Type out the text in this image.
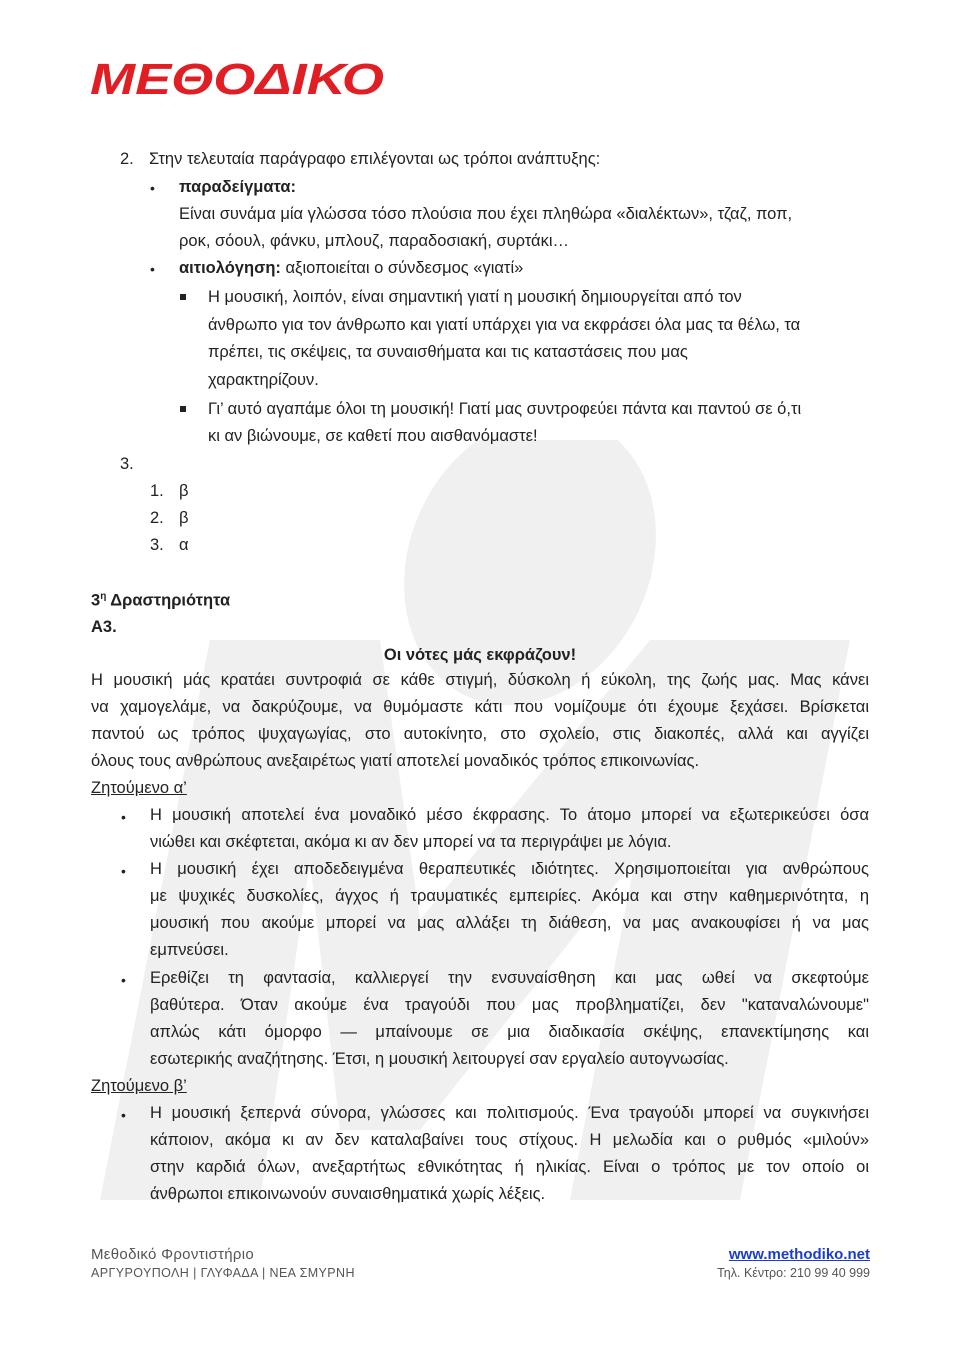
ΜΕΘΟΔΙΚΟ
2. Στην τελευταία παράγραφο επιλέγονται ως τρόποι ανάπτυξης:
• παραδείγματα:
Είναι συνάμα μία γλώσσα τόσο πλούσια που έχει πληθώρα «διαλέκτων», τζαζ, ποπ,
ροκ, σόουλ, φάνκυ, μπλουζ, παραδοσιακή, συρτάκι…
• αιτιολόγηση: αξιοποιείται ο σύνδεσμος «γιατί»
Η μουσική, λοιπόν, είναι σημαντική γιατί η μουσική δημιουργείται από τον
άνθρωπο για τον άνθρωπο και γιατί υπάρχει για να εκφράσει όλα μας τα θέλω, τα
πρέπει, τις σκέψεις, τα συναισθήματα και τις καταστάσεις που μας
χαρακτηρίζουν.
Γι’ αυτό αγαπάμε όλοι τη μουσική! Γιατί μας συντροφεύει πάντα και παντού σε ό,τι
κι αν βιώνουμε, σε καθετί που αισθανόμαστε!
3.
1. β
2. β
3. α
$3^\eta$ Δραστηριότητα
Α3.
Οι νότες μάς εκφράζουν!
Η μουσική μάς κρατάει συντροφιά σε κάθε στιγμή, δύσκολη ή εύκολη, της ζωής μας. Μας κάνει
να χαμογελάμε, να δακρύζουμε, να θυμόμαστε κάτι που νομίζουμε ότι έχουμε ξεχάσει. Βρίσκεται
παντού ως τρόπος ψυχαγωγίας, στο αυτοκίνητο, στο σχολείο, στις διακοπές, αλλά και αγγίζει
όλους τους ανθρώπους ανεξαιρέτως γιατί αποτελεί μοναδικός τρόπος επικοινωνίας.
Ζητούμενο α’
• Η μουσική αποτελεί ένα μοναδικό μέσο έκφρασης. Το άτομο μπορεί να εξωτερικεύσει όσα
νιώθει και σκέφτεται, ακόμα κι αν δεν μπορεί να τα περιγράψει με λόγια.
• Η μουσική έχει αποδεδειγμένα θεραπευτικές ιδιότητες. Χρησιμοποιείται για ανθρώπους
με ψυχικές δυσκολίες, άγχος ή τραυματικές εμπειρίες. Ακόμα και στην καθημερινότητα, η
μουσική που ακούμε μπορεί να μας αλλάξει τη διάθεση, να μας ανακουφίσει ή να μας
εμπνεύσει.
• Ερεθίζει τη φαντασία, καλλιεργεί την ενσυναίσθηση και μας ωθεί να σκεφτούμε
βαθύτερα. Όταν ακούμε ένα τραγούδι που μας προβληματίζει, δεν "καταναλώνουμε"
απλώς κάτι όμορφο — μπαίνουμε σε μια διαδικασία σκέψης, επανεκτίμησης και
εσωτερικής αναζήτησης. Έτσι, η μουσική λειτουργεί σαν εργαλείο αυτογνωσίας.
Ζητούμενο β’
• Η μουσική ξεπερνά σύνορα, γλώσσες και πολιτισμούς. Ένα τραγούδι μπορεί να συγκινήσει
κάποιον, ακόμα κι αν δεν καταλαβαίνει τους στίχους. Η μελωδία και ο ρυθμός «μιλούν»
στην καρδιά όλων, ανεξαρτήτως εθνικότητας ή ηλικίας. Είναι ο τρόπος με τον οποίο οι
άνθρωποι επικοινωνούν συναισθηματικά χωρίς λέξεις.
Μεθοδικό Φροντιστήριο
ΑΡΓΥΡΟΥΠΟΛΗ | ΓΛΥΦΑΔΑ | ΝΕΑ ΣΜΥΡΝΗ
www.methodiko.net
Τηλ. Κέντρο: 210 99 40 999
